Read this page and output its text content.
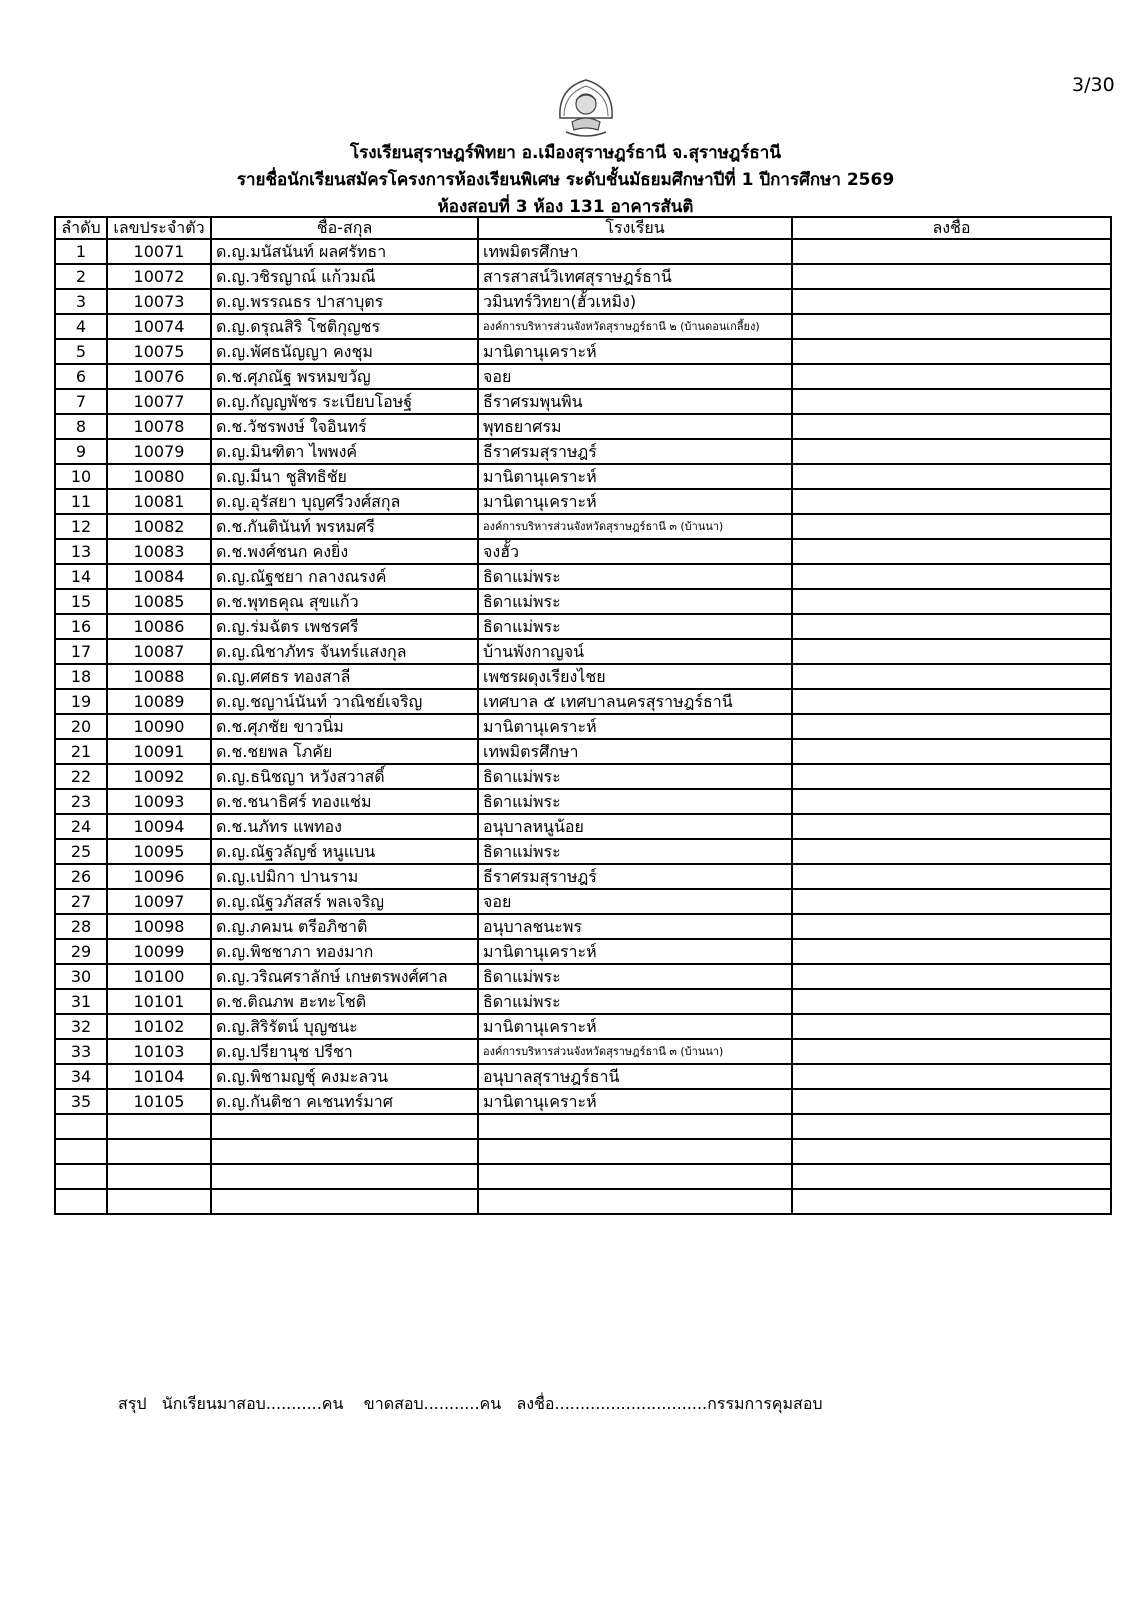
3/30
โรงเรียนสุราษฎร์พิทยา อ.เมืองสุราษฎร์ธานี จ.สุราษฎร์ธานี
รายชื่อนักเรียนสมัครโครงการห้องเรียนพิเศษ ระดับชั้นมัธยมศึกษาปีที่ 1 ปีการศึกษา 2569
ห้องสอบที่ 3 ห้อง 131 อาคารสันติ
ลำดับ	เลขประจำตัว	ชื่อ-สกุล	โรงเรียน	ลงชื่อ
1	10071	ด.ญ.มนัสนันท์ ผลศรัทธา	เทพมิตรศึกษา	
2	10072	ด.ญ.วชิรญาณ์ แก้วมณี	สารสาสน์วิเทศสุราษฎร์ธานี	
3	10073	ด.ญ.พรรณธร ปาสาบุตร	วมินทร์วิทยา(ฮั้วเหมิง)	
4	10074	ด.ญ.ดรุณสิริ โชติกุญชร	องค์การบริหารส่วนจังหวัดสุราษฎร์ธานี ๒ (บ้านดอนเกลี้ยง)	
5	10075	ด.ญ.พัศธนัญญา คงชุม	มานิตานุเคราะห์	
6	10076	ด.ช.ศุภณัฐ พรหมขวัญ	จอย	
7	10077	ด.ญ.กัญญพัชร ระเบียบโอษฐ์	ธีราศรมพุนพิน	
8	10078	ด.ช.วัชรพงษ์ ใจอินทร์	พุทธยาศรม	
9	10079	ด.ญ.มินฑิตา ไพพงค์	ธีราศรมสุราษฎร์	
10	10080	ด.ญ.มีนา ชูสิทธิชัย	มานิตานุเคราะห์	
11	10081	ด.ญ.อุรัสยา บุญศรีวงศ์สกุล	มานิตานุเคราะห์	
12	10082	ด.ช.กันตินันท์ พรหมศรี	องค์การบริหารส่วนจังหวัดสุราษฎร์ธานี ๓ (บ้านนา)	
13	10083	ด.ช.พงศ์ชนก คงยิ่ง	จงฮั้ว	
14	10084	ด.ญ.ณัฐชยา กลางณรงค์	ธิดาแม่พระ	
15	10085	ด.ช.พุทธคุณ สุขแก้ว	ธิดาแม่พระ	
16	10086	ด.ญ.ร่มฉัตร เพชรศรี	ธิดาแม่พระ	
17	10087	ด.ญ.ณิชาภัทร จันทร์แสงกุล	บ้านพังกาญจน์	
18	10088	ด.ญ.ศศธร ทองสาลี	เพชรผดุงเรียงไชย	
19	10089	ด.ญ.ชญาน์นันท์ วาณิชย์เจริญ	เทศบาล ๕ เทศบาลนครสุราษฎร์ธานี	
20	10090	ด.ช.ศุภชัย ขาวนิ่ม	มานิตานุเคราะห์	
21	10091	ด.ช.ชยพล โภคัย	เทพมิตรศึกษา	
22	10092	ด.ญ.ธนิชญา หวังสวาสดิ์	ธิดาแม่พระ	
23	10093	ด.ช.ชนาธิศร์ ทองแช่ม	ธิดาแม่พระ	
24	10094	ด.ช.นภัทร แพทอง	อนุบาลหนูน้อย	
25	10095	ด.ญ.ณัฐวลัญช์ หนูแบน	ธิดาแม่พระ	
26	10096	ด.ญ.เปมิกา ปานราม	ธีราศรมสุราษฎร์	
27	10097	ด.ญ.ณัฐวภัสสร์ พลเจริญ	จอย	
28	10098	ด.ญ.ภคมน ตรีอภิชาติ	อนุบาลชนะพร	
29	10099	ด.ญ.พิชชาภา ทองมาก	มานิตานุเคราะห์	
30	10100	ด.ญ.วริณศราลักษ์ เกษตรพงศ์ศาล	ธิดาแม่พระ	
31	10101	ด.ช.ติณภพ ฮะทะโชติ	ธิดาแม่พระ	
32	10102	ด.ญ.สิริรัตน์ บุญชนะ	มานิตานุเคราะห์	
33	10103	ด.ญ.ปรียานุช ปรีชา	องค์การบริหารส่วนจังหวัดสุราษฎร์ธานี ๓ (บ้านนา)	
34	10104	ด.ญ.พิชามญชุ์ คงมะลวน	อนุบาลสุราษฎร์ธานี	
35	10105	ด.ญ.กันติชา คเชนทร์มาศ	มานิตานุเคราะห์	

สรุป   นักเรียนมาสอบ...........คน    ขาดสอบ...........คน   ลงชื่อ..............................กรรมการคุมสอบ
